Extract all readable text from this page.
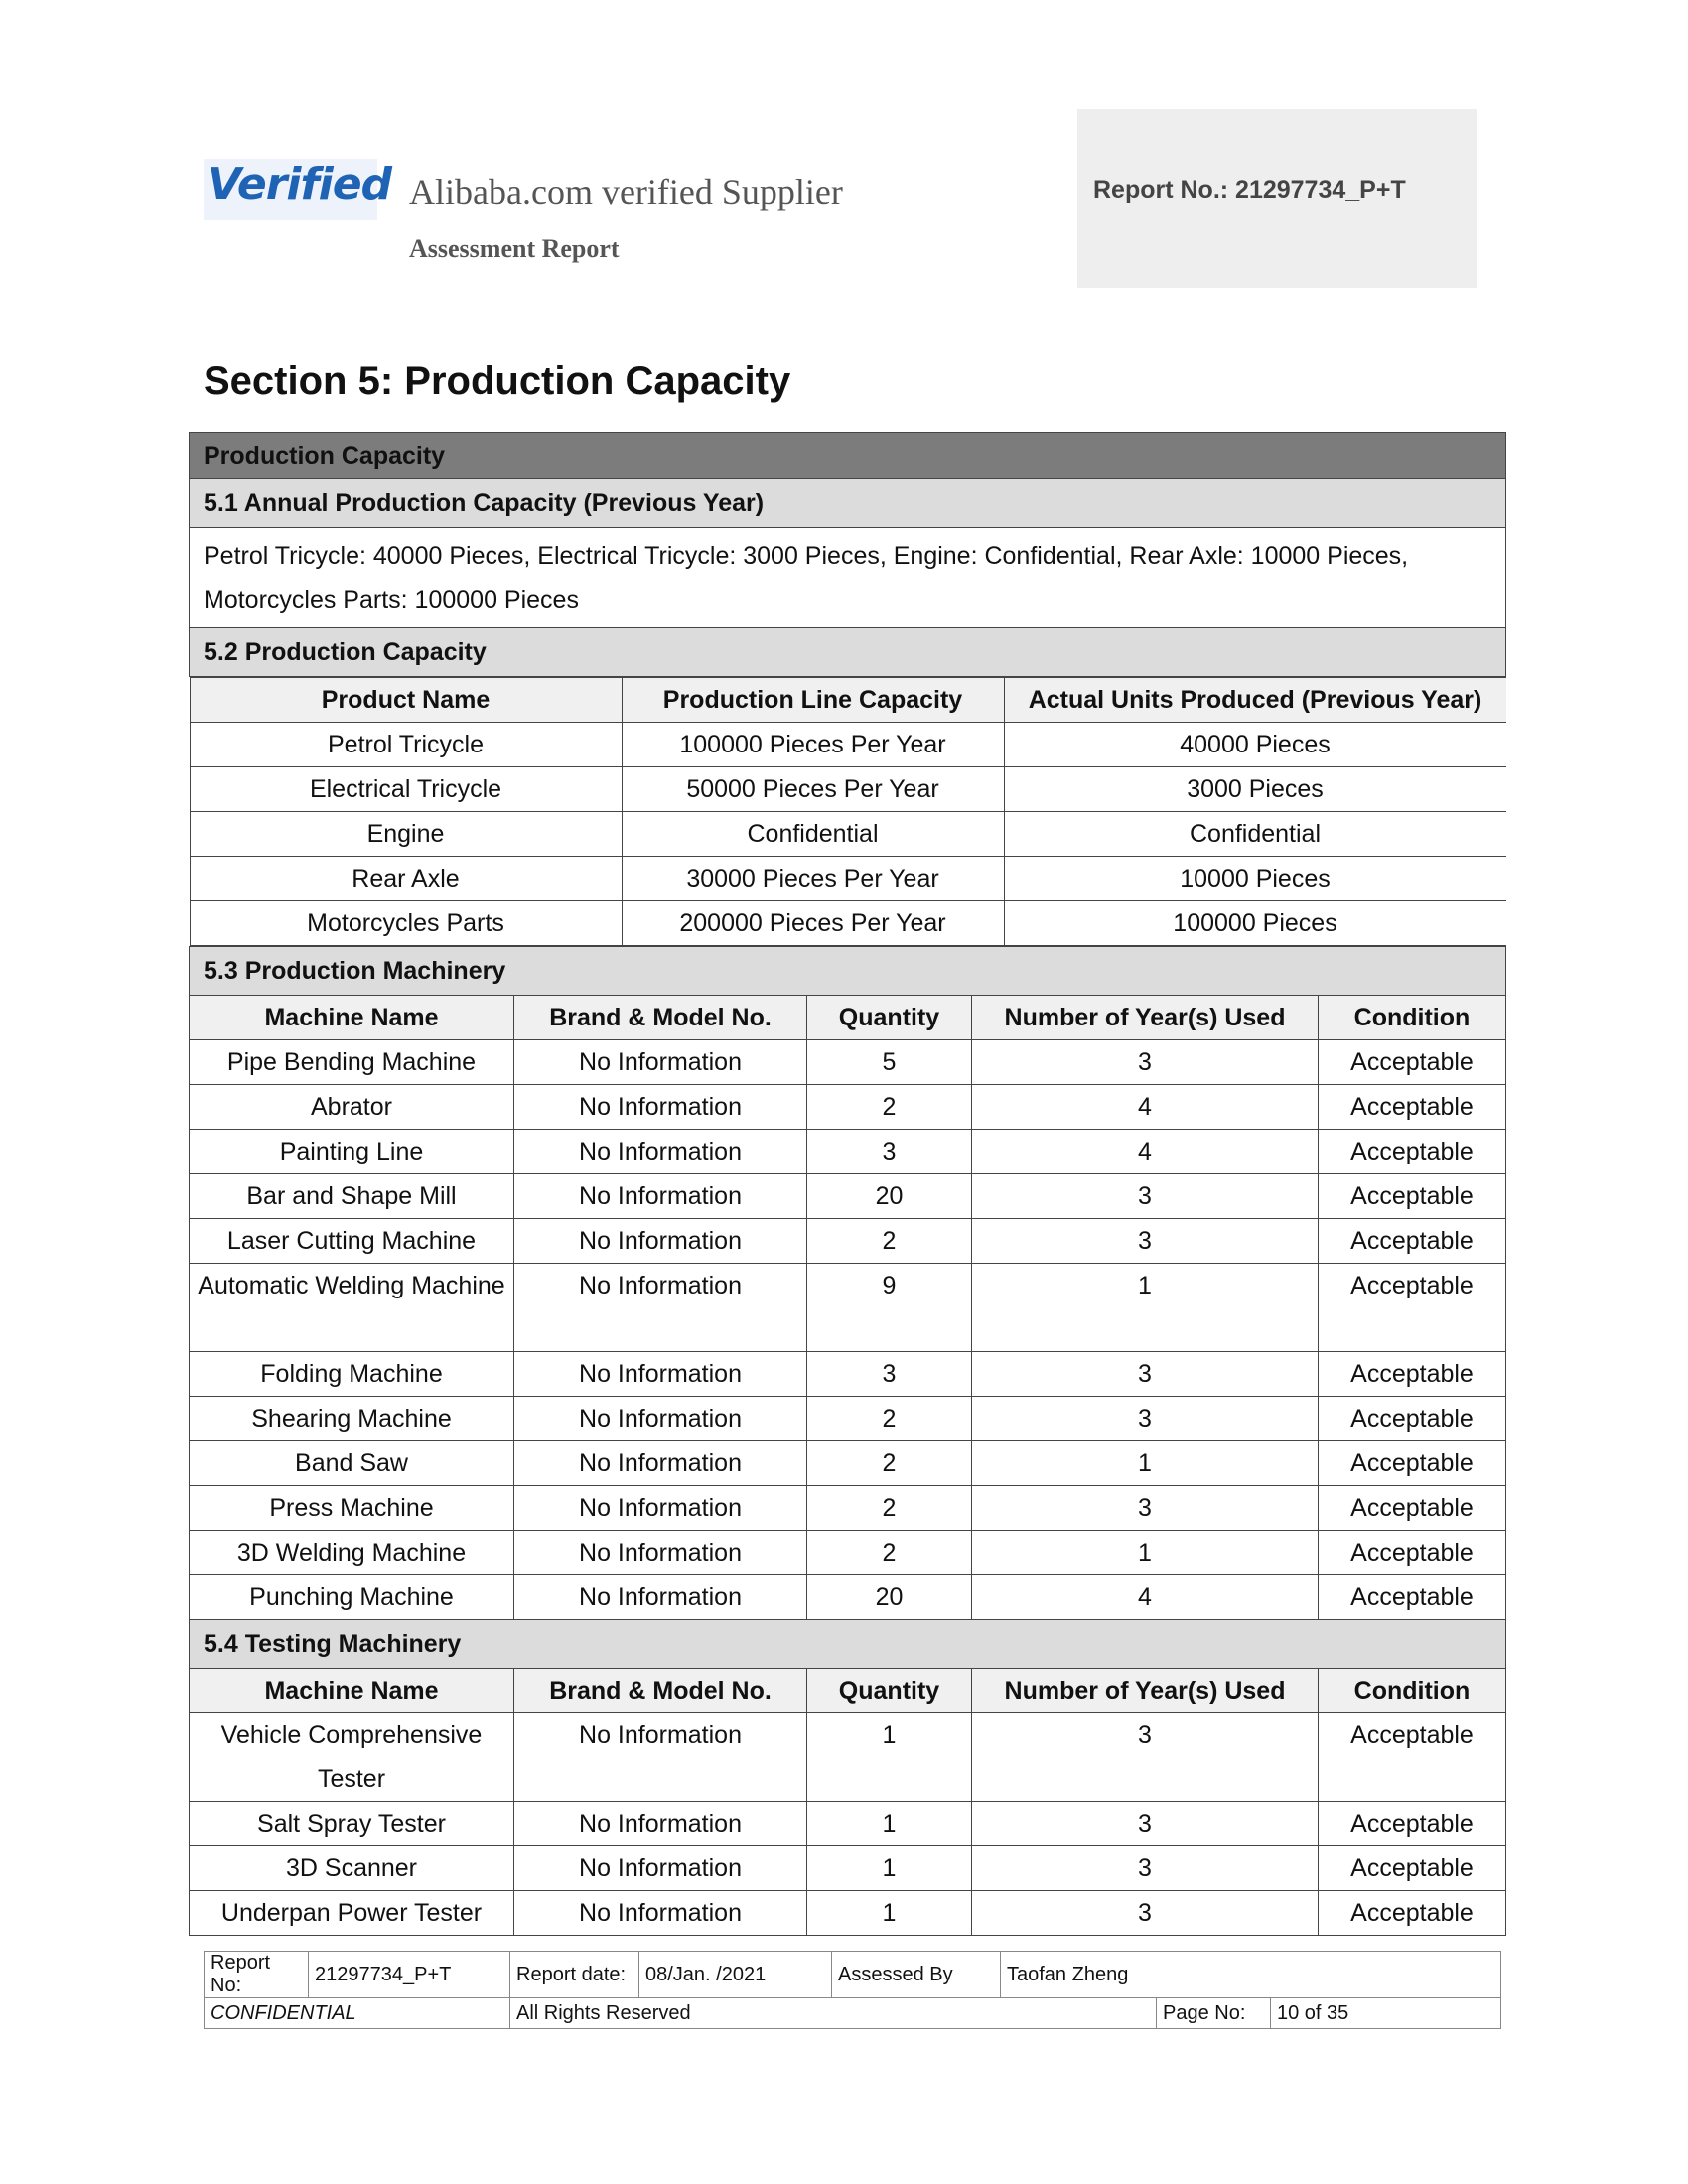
Verified Alibaba.com verified Supplier
Assessment Report
Report No.: 21297734_P+T
Section 5: Production Capacity
Production Capacity
5.1 Annual Production Capacity (Previous Year)
Petrol Tricycle: 40000 Pieces, Electrical Tricycle: 3000 Pieces, Engine: Confidential, Rear Axle: 10000 Pieces, Motorcycles Parts: 100000 Pieces
5.2 Production Capacity

Product Name	Production Line Capacity	Actual Units Produced (Previous Year)
Petrol Tricycle	100000 Pieces Per Year	40000 Pieces
Electrical Tricycle	50000 Pieces Per Year	3000 Pieces
Engine	Confidential	Confidential
Rear Axle	30000 Pieces Per Year	10000 Pieces
Motorcycles Parts	200000 Pieces Per Year	100000 Pieces

5.3 Production Machinery
Machine Name	Brand & Model No.	Quantity	Number of Year(s) Used	Condition
Pipe Bending Machine	No Information	5	3	Acceptable
Abrator	No Information	2	4	Acceptable
Painting Line	No Information	3	4	Acceptable
Bar and Shape Mill	No Information	20	3	Acceptable
Laser Cutting Machine	No Information	2	3	Acceptable
Automatic Welding Machine	No Information	9	1	Acceptable
Folding Machine	No Information	3	3	Acceptable
Shearing Machine	No Information	2	3	Acceptable
Band Saw	No Information	2	1	Acceptable
Press Machine	No Information	2	3	Acceptable
3D Welding Machine	No Information	2	1	Acceptable
Punching Machine	No Information	20	4	Acceptable
5.4 Testing Machinery
Machine Name	Brand & Model No.	Quantity	Number of Year(s) Used	Condition
Vehicle Comprehensive Tester	No Information	1	3	Acceptable
Salt Spray Tester	No Information	1	3	Acceptable
3D Scanner	No Information	1	3	Acceptable
Underpan Power Tester	No Information	1	3	Acceptable
Report No:	21297734_P+T	Report date:	08/Jan. /2021	Assessed By	Taofan Zheng		
CONFIDENTIAL		All Rights Reserved				Page No:	10 of 35
